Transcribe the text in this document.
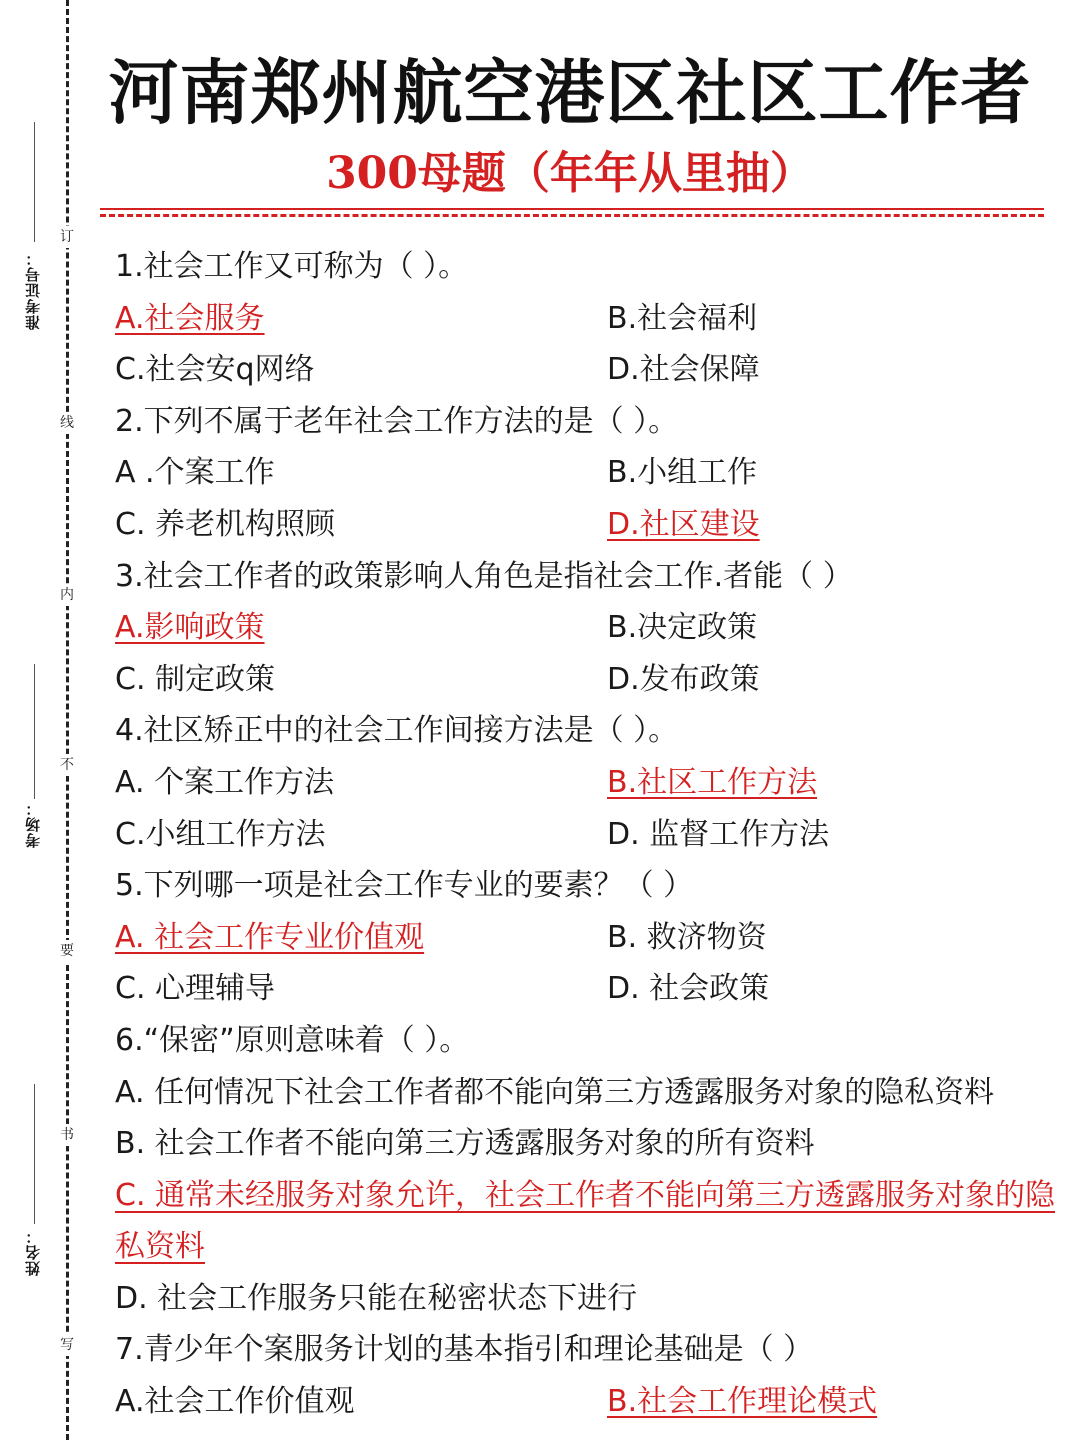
订
线
内
不
要
书
写
准考证号：
考场：
姓名：
河南郑州航空港区社区工作者
300母题（年年从里抽）
1.社会工作又可称为（ ）。
A.社会服务	B.社会福利
C.社会安q网络	D.社会保障
2.下列不属于老年社会工作方法的是（ ）。
A .个案工作	B.小组工作
C. 养老机构照顾	D.社区建设
3.社会工作者的政策影响人角色是指社会工作.者能（ ）
A.影响政策	B.决定政策
C. 制定政策	D.发布政策
4.社区矫正中的社会工作间接方法是（ ）。
A. 个案工作方法	B.社区工作方法
C.小组工作方法	D. 监督工作方法
5.下列哪一项是社会工作专业的要素？（ ）
A. 社会工作专业价值观	B. 救济物资
C. 心理辅导	D. 社会政策
6.“保密”原则意味着（ ）。
A. 任何情况下社会工作者都不能向第三方透露服务对象的隐私资料
B. 社会工作者不能向第三方透露服务对象的所有资料
C. 通常未经服务对象允许，社会工作者不能向第三方透露服务对象的隐私资料
D. 社会工作服务只能在秘密状态下进行
7.青少年个案服务计划的基本指引和理论基础是（ ）
A.社会工作价值观	B.社会工作理论模式
